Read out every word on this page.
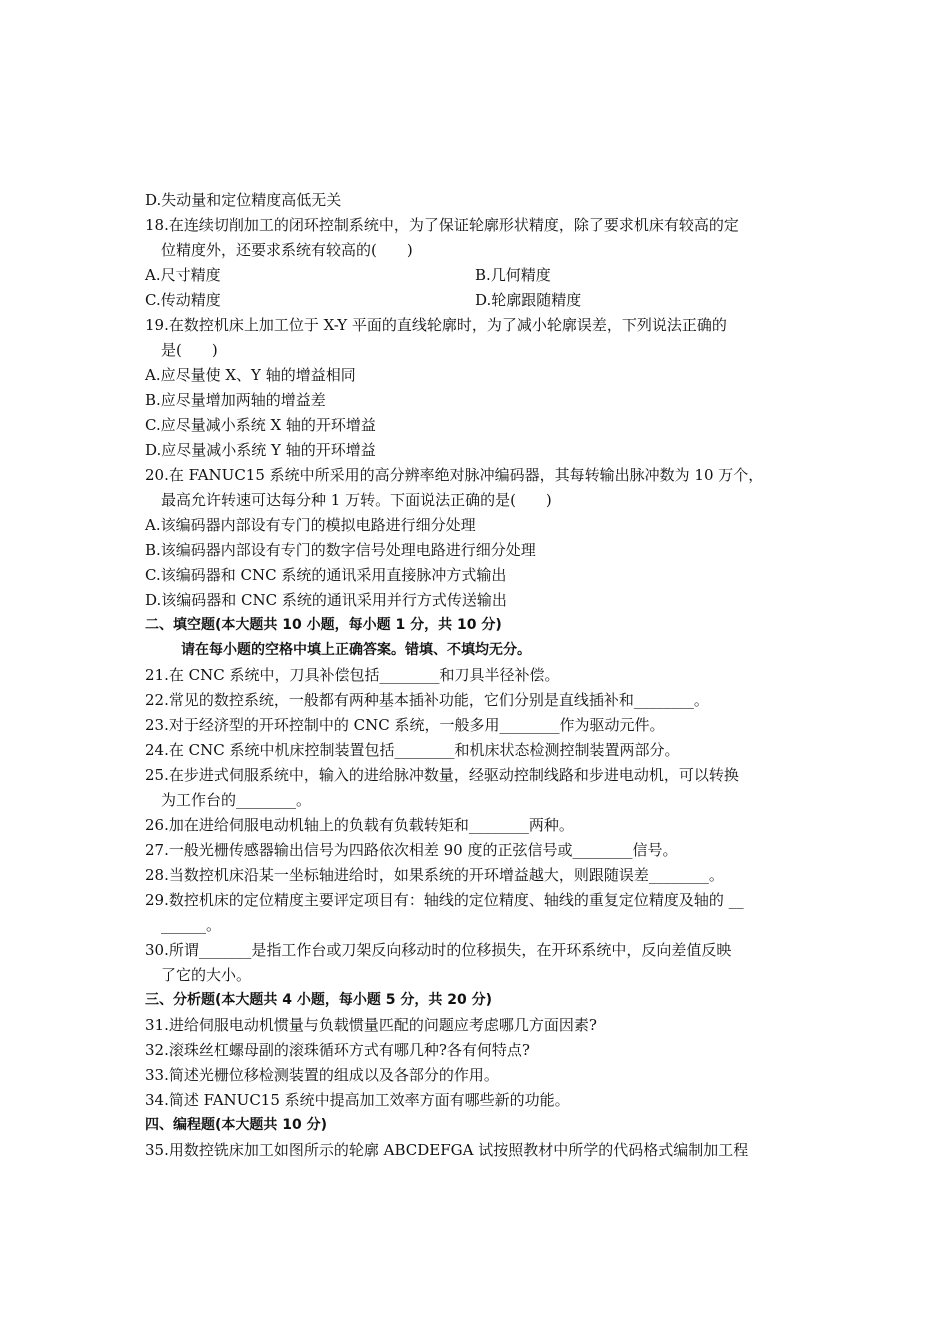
D.失动量和定位精度高低无关
18.在连续切削加工的闭环控制系统中，为了保证轮廓形状精度，除了要求机床有较高的定
位精度外，还要求系统有较高的(　　)
A.尺寸精度	B.几何精度
C.传动精度	D.轮廓跟随精度
19.在数控机床上加工位于 X-Y 平面的直线轮廓时，为了减小轮廓误差，下列说法正确的
是(　　)
A.应尽量使 X、Y 轴的增益相同
B.应尽量增加两轴的增益差
C.应尽量减小系统 X 轴的开环增益
D.应尽量减小系统 Y 轴的开环增益
20.在 FANUC15 系统中所采用的高分辨率绝对脉冲编码器，其每转输出脉冲数为 10 万个，
最高允许转速可达每分种 1 万转。下面说法正确的是(　　)
A.该编码器内部设有专门的模拟电路进行细分处理
B.该编码器内部设有专门的数字信号处理电路进行细分处理
C.该编码器和 CNC 系统的通讯采用直接脉冲方式输出
D.该编码器和 CNC 系统的通讯采用并行方式传送输出
二、填空题(本大题共 10 小题，每小题 1 分，共 10 分)
请在每小题的空格中填上正确答案。错填、不填均无分。
21.在 CNC 系统中，刀具补偿包括________和刀具半径补偿。
22.常见的数控系统，一般都有两种基本插补功能，它们分别是直线插补和________。
23.对于经济型的开环控制中的 CNC 系统，一般多用________作为驱动元件。
24.在 CNC 系统中机床控制装置包括________和机床状态检测控制装置两部分。
25.在步进式伺服系统中，输入的进给脉冲数量，经驱动控制线路和步进电动机，可以转换
为工作台的________。
26.加在进给伺服电动机轴上的负载有负载转矩和________两种。
27.一般光栅传感器输出信号为四路依次相差 90 度的正弦信号或________信号。
28.当数控机床沿某一坐标轴进给时，如果系统的开环增益越大，则跟随误差________。
29.数控机床的定位精度主要评定项目有：轴线的定位精度、轴线的重复定位精度及轴的 __
______。
30.所谓_______是指工作台或刀架反向移动时的位移损失，在开环系统中，反向差值反映
了它的大小。
三、分析题(本大题共 4 小题，每小题 5 分，共 20 分)
31.进给伺服电动机惯量与负载惯量匹配的问题应考虑哪几方面因素?
32.滚珠丝杠螺母副的滚珠循环方式有哪几种?各有何特点?
33.简述光栅位移检测装置的组成以及各部分的作用。
34.简述 FANUC15 系统中提高加工效率方面有哪些新的功能。
四、编程题(本大题共 10 分)
35.用数控铣床加工如图所示的轮廓 ABCDEFGA 试按照教材中所学的代码格式编制加工程
